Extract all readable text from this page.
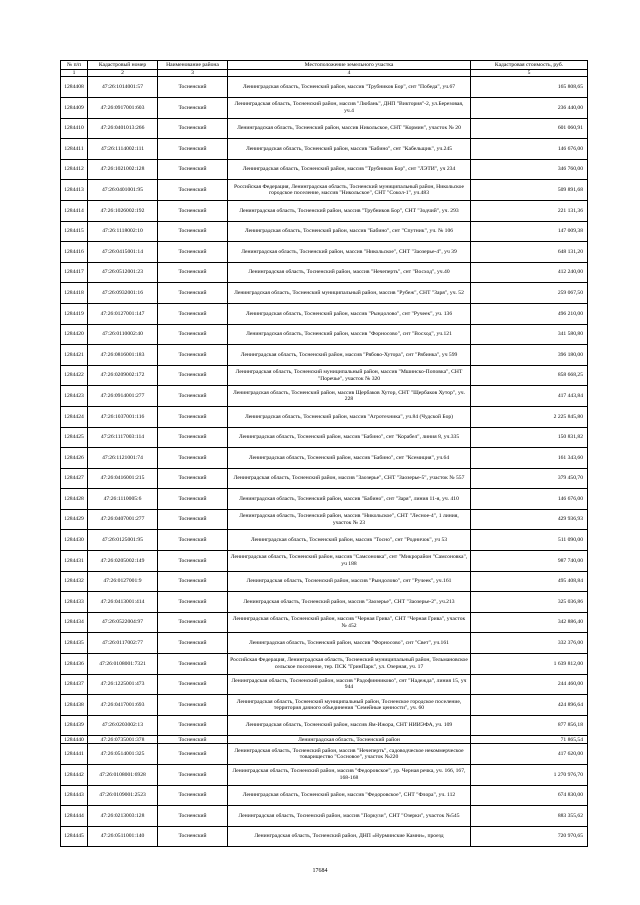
№ п/п	Кадастровый номер	Наименование района	Местоположение земельного участка	Кадастровая стоимость, руб.
1	2	3	4	5
1284408	47:26:1014001:57	Тосненский	Ленинградская область, Тосненский район, массив "Трубников Бор", снт "Победа", уч.67	165 808,65
1284409	47:26:0917001:603	Тосненский	Ленинградская область, Тосненский район, массив "Любань", ДНП "Виктория"-2, ул.Березовая, уч.4	236 440,00
1284410	47:26:0401013:266	Тосненский	Ленинградская область, Тосненский район, массив Никольское, СНТ "Кормин", участок № 20	601 060,91
1284411	47:26:1114002:111	Тосненский	Ленинградская область, Тосненский район, массив "Бабино", снт "Кабельщик", уч.245	146 676,00
1284412	47:26:1021002:128	Тосненский	Ленинградская область, Тосненский район, массив "Трубников Бор", снт "ЛЭТИ", уч 234	346 760,00
1284413	47:26:0401001:95	Тосненский	Российская Федерация, Ленинградская область, Тосненский муниципальный район, Никольское городское поселение, массив "Никольское", СНТ "Сокол-1", уч.483	509 891,68
1284414	47:26:1026002:192	Тосненский	Ленинградская область, Тосненский район, массив "Трубников Бор", СНТ "Зодчий", уч. 293	221 131,36
1284415	47:26:1118002:10	Тосненский	Ленинградская область, Тосненский район, массив "Бабино", снт "Спутник", уч. № 106	147 009,38
1284416	47:26:0415001:14	Тосненский	Ленинградская область, Тосненский район, массив "Никольское", СНТ "Заозерье-4", уч 39	648 131,20
1284417	47:26:0512001:23	Тосненский	Ленинградская область, Тосненский район, массив "Нечеперть", снт "Восход", уч.40	412 240,00
1284418	47:26:0932001:16	Тосненский	Ленинградская область, Тосненский муниципальный район, массив "Рубеж", СНТ "Заря", уч. 52	259 067,50
1284419	47:26:0127001:147	Тосненский	Ленинградская область, Тосненский район, массив "Рындолово", снт "Ручеек", уч. 136	496 210,00
1284420	47:26:0110002:40	Тосненский	Ленинградская область, Тосненский район, массив "Форносово", снт "Восход", уч.121	341 580,80
1284421	47:26:0816001:183	Тосненский	Ленинградская область, Тосненский район, массив "Рябово-Хутора", снт "Рябинка", уч 599	396 180,00
1284422	47:26:0209002:172	Тосненский	Ленинградская область, Тосненский муниципальный район, массив "Мшинско-Поповка", СНТ "Поречье", участок № 320	858 668,25
1284423	47:26:0914001:277	Тосненский	Ленинградская область, Тосненский район, массив Щербаков Хутор, СНТ "Щербаков Хутор", уч. 228	417 443,84
1284424	47:26:1037001:116	Тосненский	Ленинградская область, Тосненский район, массив "Агротехника", уч.84 (Чудской Бор)	2 225 845,80
1284425	47:26:1117003:114	Тосненский	Ленинградская область, Тосненский район, массив "Бабино", снт "Корабел", линия 8, уч.335	150 831,82
1284426	47:26:1121001:74	Тосненский	Ленинградская область, Тосненский район, массив "Бабино", снт "Ксемиция", уч.64	161 343,60
1284427	47:26:0416001:215	Тосненский	Ленинградская область, Тосненский район, массив "Заозерье", СНТ "Заозерье-5", участок № 557	379 450,70
1284428	47:26:1110005:6	Тосненский	Ленинградская область, Тосненский район, массив "Бабино", снт "Заря", линия 11-я, уч. 410	146 676,00
1284429	47:26:0407001:277	Тосненский	Ленинградская область, Тосненский район, массив "Никольское", СНТ "Лесное-4", 1 линия, участок № 23	429 936,93
1284430	47:26:0125001:95	Тосненский	Ленинградская область, Тосненский район, массив "Тосно", снт "Родничок", уч 53	511 090,00
1284431	47:26:0205002:149	Тосненский	Ленинградская область, Тосненский район, массив "Самсоновка", снт "Микрорайон "Самсоновка", уч 188	987 740,00
1284432	47:26:0127001:9	Тосненский	Ленинградская область, Тосненский район, массив "Рындолово", снт "Ручеек", уч.161	495 408,84
1284433	47:26:0413001:414	Тосненский	Ленинградская область, Тосненский район, массив "Заозерье", СНТ "Заозерье-2", уч.213	325 036,86
1284434	47:26:0522004:97	Тосненский	Ленинградская область, Тосненский район, массив "Черная Грива", СНТ "Черная Грива", участок № 452	342 886,40
1284435	47:26:0117002:77	Тосненский	Ленинградская область, Тосненский район, массив "Форносово", снт "Свет", уч.161	332 376,00
1284436	47:26:0108001:7321	Тосненский	Российская Федерация, Ленинградская область, Тосненский муниципальный район, Тельмановское сельское поселение, тер. ПСК "ГринПарк", ул. Озерная, уч. 17	1 639 812,00
1284437	47:26:1225001:473	Тосненский	Ленинградская область, Тосненский район, массив "Радофинниково", снт "Надежда", линия 15, уч 944	244 460,00
1284438	47:26:0417001:693	Тосненский	Ленинградская область, Тосненский муниципальный район, Тосненское городское поселение, территория дачного объединения "Семейные ценности", уч. 60	424 896,64
1284439	47:26:0203002:13	Тосненский	Ленинградская область, Тосненский район, массив Ям-Ижора, СНТ НИИЭФА, уч. 109	877 856,18
1284440	47:26:0735001:378	Тосненский	Ленинградская область, Тосненский район	71 865,54
1284441	47:26:0514001:325	Тосненский	Ленинградская область, Тосненский район, массив "Нечеперть", садоводческое некоммерческое товарищество "Сосновое", участок №220	417 620,00
1284442	47:26:0108001:6928	Тосненский	Ленинградская область, Тосненский район, массив "Федоровское", ур. Черная речка, уч. 166, 167, 168-168	1 270 976,70
1284443	47:26:0109001:2523	Тосненский	Ленинградская область, Тосненский район, массив "Федоровское", СНТ "Флора", уч. 112	674 830,00
1284444	47:26:0213003:128	Тосненский	Ленинградская область, Тосненский район, массив "Поркузи", СНТ "Озерки", участок №545	883 355,62
1284445	47:26:0511001:140	Тосненский	Ленинградская область, Тосненский район, ДНП «Нурминские Камни», проезд	720 970,65
17684
